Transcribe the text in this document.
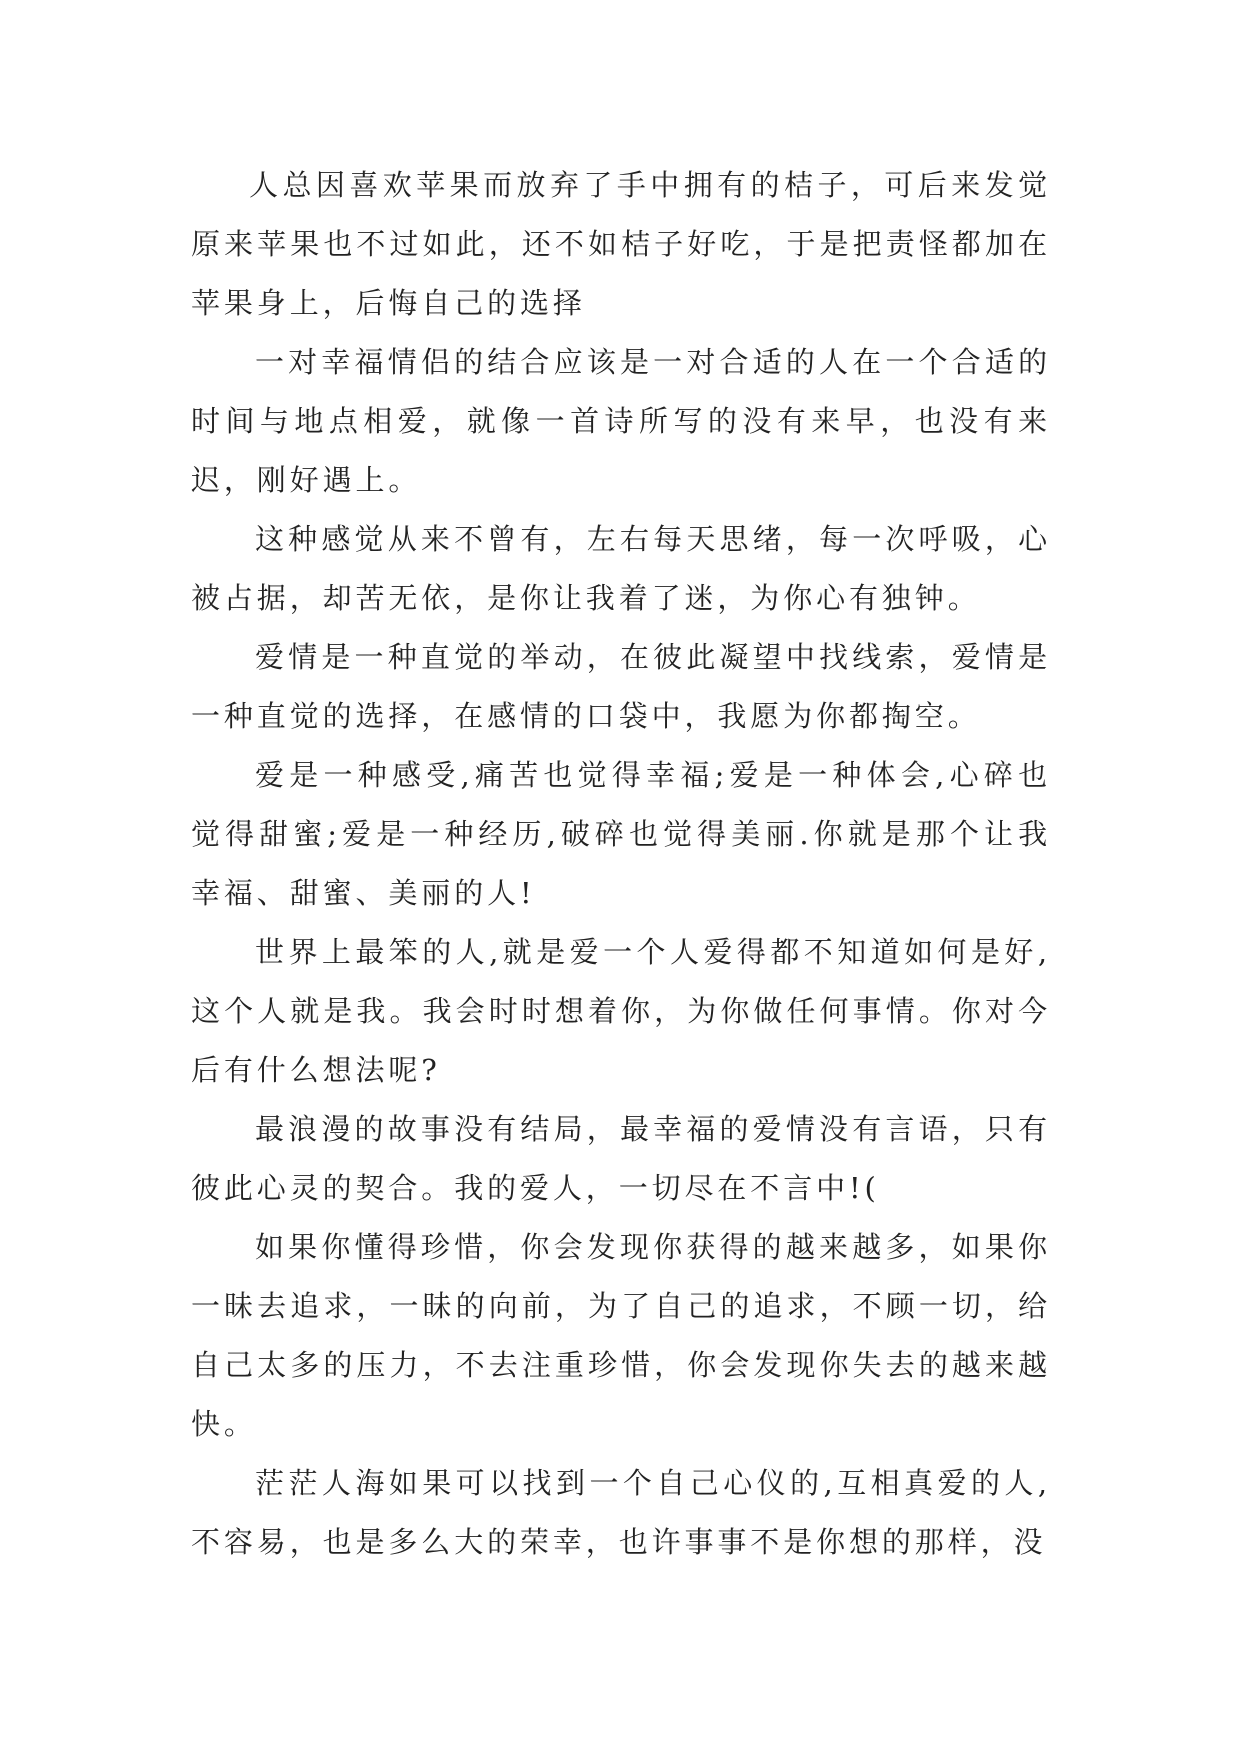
人总因喜欢苹果而放弃了手中拥有的桔子，可后来发觉原来苹果也不过如此，还不如桔子好吃，于是把责怪都加在苹果身上，后悔自己的选择

一对幸福情侣的结合应该是一对合适的人在一个合适的时间与地点相爱，就像一首诗所写的没有来早，也没有来迟，刚好遇上。

这种感觉从来不曾有，左右每天思绪，每一次呼吸，心被占据，却苦无依，是你让我着了迷，为你心有独钟。

爱情是一种直觉的举动，在彼此凝望中找线索，爱情是一种直觉的选择，在感情的口袋中，我愿为你都掏空。

爱是一种感受,痛苦也觉得幸福;爱是一种体会,心碎也觉得甜蜜;爱是一种经历,破碎也觉得美丽.你就是那个让我幸福、甜蜜、美丽的人!

世界上最笨的人,就是爱一个人爱得都不知道如何是好,这个人就是我。我会时时想着你，为你做任何事情。你对今后有什么想法呢?

最浪漫的故事没有结局，最幸福的爱情没有言语，只有彼此心灵的契合。我的爱人，一切尽在不言中!(

如果你懂得珍惜，你会发现你获得的越来越多，如果你一昧去追求，一昧的向前，为了自己的追求，不顾一切，给自己太多的压力，不去注重珍惜，你会发现你失去的越来越快。

茫茫人海如果可以找到一个自己心仪的,互相真爱的人,不容易，也是多么大的荣幸，也许事事不是你想的那样，没
